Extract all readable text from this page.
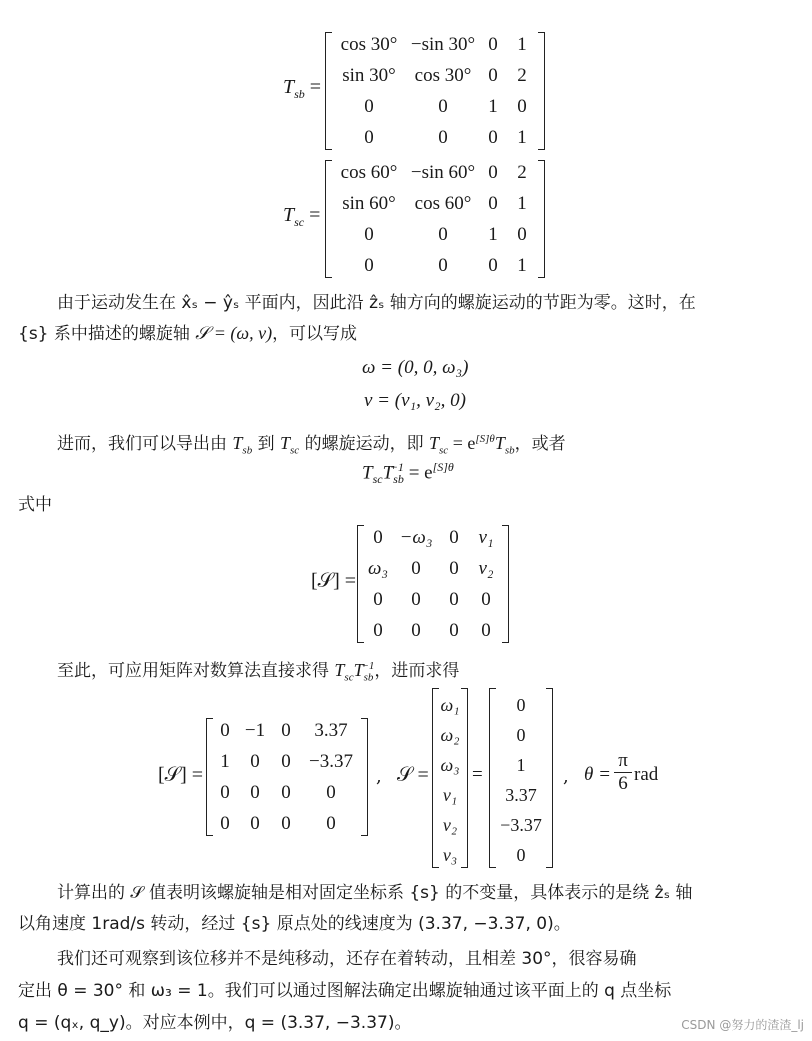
$T_{sb}$ =
cos 30°	−sin 30°	0	1
sin 30°	cos 30°	0	2
0	0	1	0
0	0	0	1
$T_{sc}$ =
cos 60°	−sin 60°	0	2
sin 60°	cos 60°	0	1
0	0	1	0
0	0	0	1
由于运动发生在 x̂ₛ − ŷₛ 平面内，因此沿 ẑₛ 轴方向的螺旋运动的节距为零。这时，在
{s} 系中描述的螺旋轴 𝒮 = (ω, v)，可以写成
ω = (0, 0, ω₃)
v = (v₁, v₂, 0)
进而，我们可以导出由 $T_{sb}$ 到 $T_{sc}$ 的螺旋运动，即 $T_{sc} = e^{[S]\theta}T_{sb}$，或者
$T_{sc}T_{sb}^{-1} = e^{[S]\theta}$
式中
[𝒮] =
0	−ω₃	0	v₁
ω₃	0	0	v₂
0	0	0	0
0	0	0	0
至此，可应用矩阵对数算法直接求得 $T_{sc}T_{sb}^{-1}$，进而求得
[𝒮] =
0	−1	0	3.37
1	0	0	−3.37
0	0	0	0
0	0	0	0
, 𝒮 =
ω₁
ω₂
ω₃
v₁
v₂
v₃
=
0
0
1
3.37
−3.37
0
, $\theta = \frac{\pi}{6}$ rad
计算出的 𝒮 值表明该螺旋轴是相对固定坐标系 {s} 的不变量，具体表示的是绕 ẑₛ 轴
以角速度 1rad/s 转动，经过 {s} 原点处的线速度为 (3.37, −3.37, 0)。
我们还可观察到该位移并不是纯移动，还存在着转动，且相差 30°，很容易确
定出 θ = 30° 和 ω₃ = 1。我们可以通过图解法确定出螺旋轴通过该平面上的 q 点坐标
q = (qₓ, q_y)。对应本例中，q = (3.37, −3.37)。	CSDN @努力的渣渣_lj
